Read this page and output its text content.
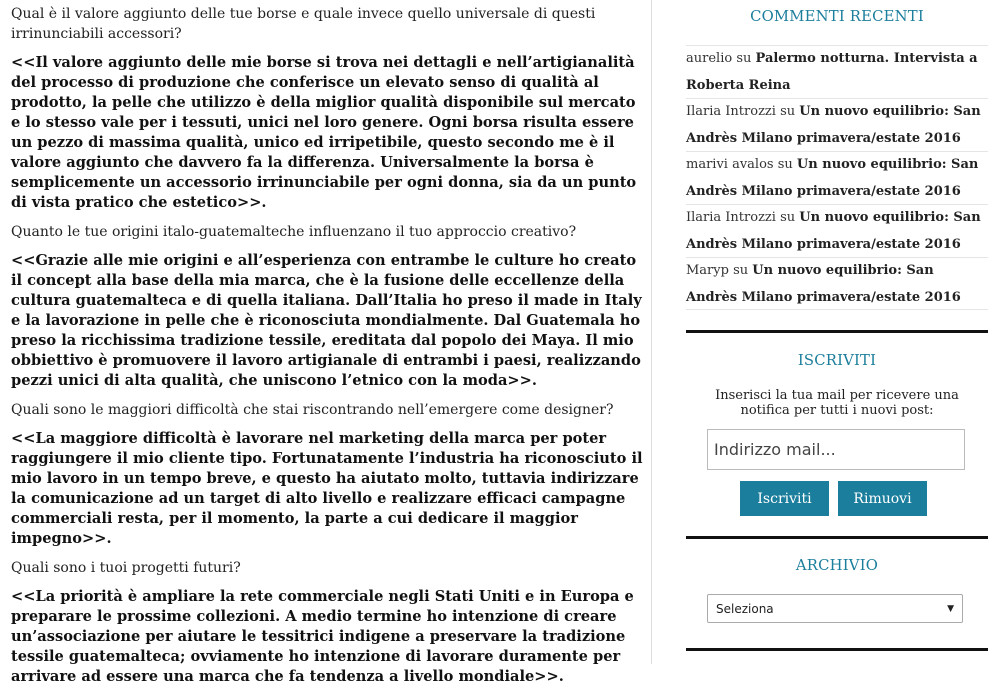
Qual è il valore aggiunto delle tue borse e quale invece quello universale di questi irrinunciabili accessori?

<<Il valore aggiunto delle mie borse si trova nei dettagli e nell’artigianalità del processo di produzione che conferisce un elevato senso di qualità al prodotto, la pelle che utilizzo è della miglior qualità disponibile sul mercato e lo stesso vale per i tessuti, unici nel loro genere. Ogni borsa risulta essere un pezzo di massima qualità, unico ed irripetibile, questo secondo me è il valore aggiunto che davvero fa la differenza. Universalmente la borsa è semplicemente un accessorio irrinunciabile per ogni donna, sia da un punto di vista pratico che estetico>>.

Quanto le tue origini italo-guatemalteche influenzano il tuo approccio creativo?

<<Grazie alle mie origini e all’esperienza con entrambe le culture ho creato il concept alla base della mia marca, che è la fusione delle eccellenze della cultura guatemalteca e di quella italiana. Dall’Italia ho preso il made in Italy e la lavorazione in pelle che è riconosciuta mondialmente. Dal Guatemala ho preso la ricchissima tradizione tessile, ereditata dal popolo dei Maya. Il mio obbiettivo è promuovere il lavoro artigianale di entrambi i paesi, realizzando pezzi unici di alta qualità, che uniscono l’etnico con la moda>>.

Quali sono le maggiori difficoltà che stai riscontrando nell’emergere come designer?

<<La maggiore difficoltà è lavorare nel marketing della marca per poter raggiungere il mio cliente tipo. Fortunatamente l’industria ha riconosciuto il mio lavoro in un tempo breve, e questo ha aiutato molto, tuttavia indirizzare la comunicazione ad un target di alto livello e realizzare efficaci campagne commerciali resta, per il momento, la parte a cui dedicare il maggior impegno>>.

Quali sono i tuoi progetti futuri?

<<La priorità è ampliare la rete commerciale negli Stati Uniti e in Europa e preparare le prossime collezioni. A medio termine ho intenzione di creare un’associazione per aiutare le tessitrici indigene a preservare la tradizione tessile guatemalteca; ovviamente ho intenzione di lavorare duramente per arrivare ad essere una marca che fa tendenza a livello mondiale>>.

COMMENTI RECENTI
aurelio su Palermo notturna. Intervista a Roberta Reina
Ilaria Introzzi su Un nuovo equilibrio: San Andrès Milano primavera/estate 2016
marivi avalos su Un nuovo equilibrio: San Andrès Milano primavera/estate 2016
Ilaria Introzzi su Un nuovo equilibrio: San Andrès Milano primavera/estate 2016
Maryp su Un nuovo equilibrio: San Andrès Milano primavera/estate 2016
ISCRIVITI
Inserisci la tua mail per ricevere una notifica per tutti i nuovi post:
Indirizzo mail...
Iscriviti	Rimuovi
ARCHIVIO
Seleziona	▼
